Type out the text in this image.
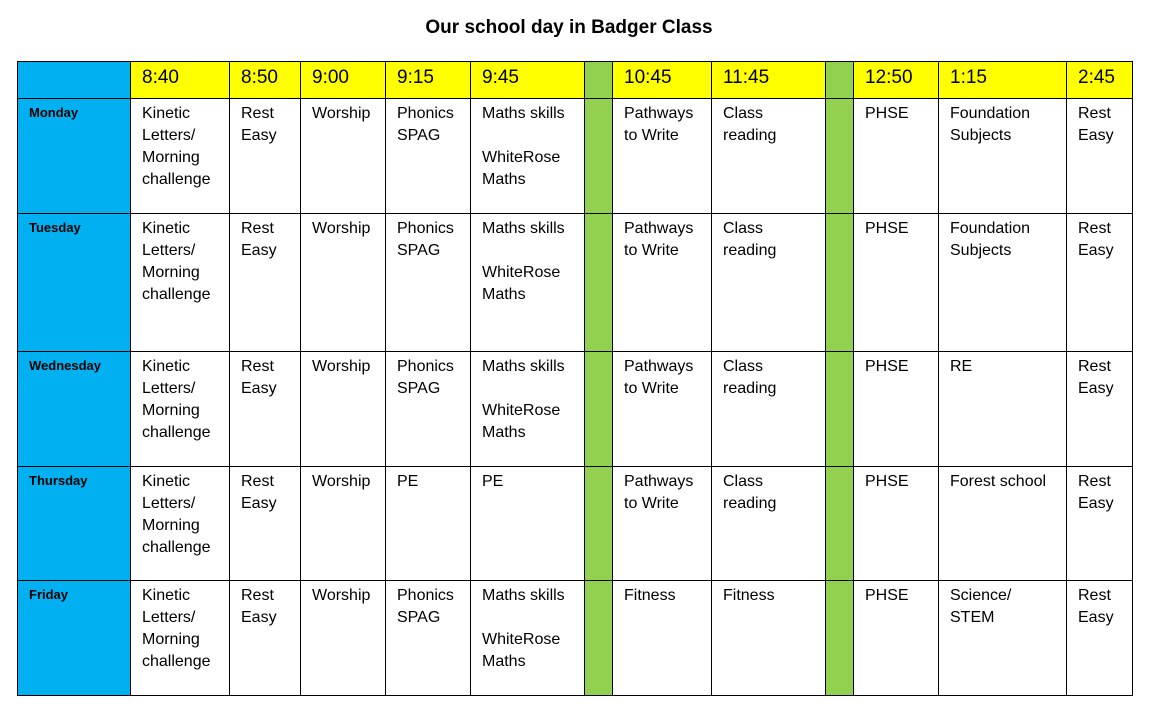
Our school day in Badger Class
	8:40	8:50	9:00	9:15	9:45		10:45	11:45		12:50	1:15	2:45
Monday	Kinetic
Letters/
Morning
challenge	Rest
Easy	Worship	Phonics
SPAG	Maths skills
WhiteRose
Maths		Pathways
to Write	Class
reading		PHSE	Foundation
Subjects	Rest
Easy

Tuesday	Kinetic
Letters/
Morning
challenge	Rest
Easy	Worship	Phonics
SPAG	Maths skills
WhiteRose
Maths		Pathways
to Write	Class
reading		PHSE	Foundation
Subjects	Rest
Easy

Wednesday	Kinetic
Letters/
Morning
challenge	Rest
Easy	Worship	Phonics
SPAG	Maths skills
WhiteRose
Maths		Pathways
to Write	Class
reading		PHSE	RE	Rest
Easy

Thursday	Kinetic
Letters/
Morning
challenge	Rest
Easy	Worship	PE	PE		Pathways
to Write	Class
reading		PHSE	Forest school	Rest
Easy

Friday	Kinetic
Letters/
Morning
challenge	Rest
Easy	Worship	Phonics
SPAG	Maths skills
WhiteRose
Maths		Fitness	Fitness		PHSE	Science/
STEM	Rest
Easy
